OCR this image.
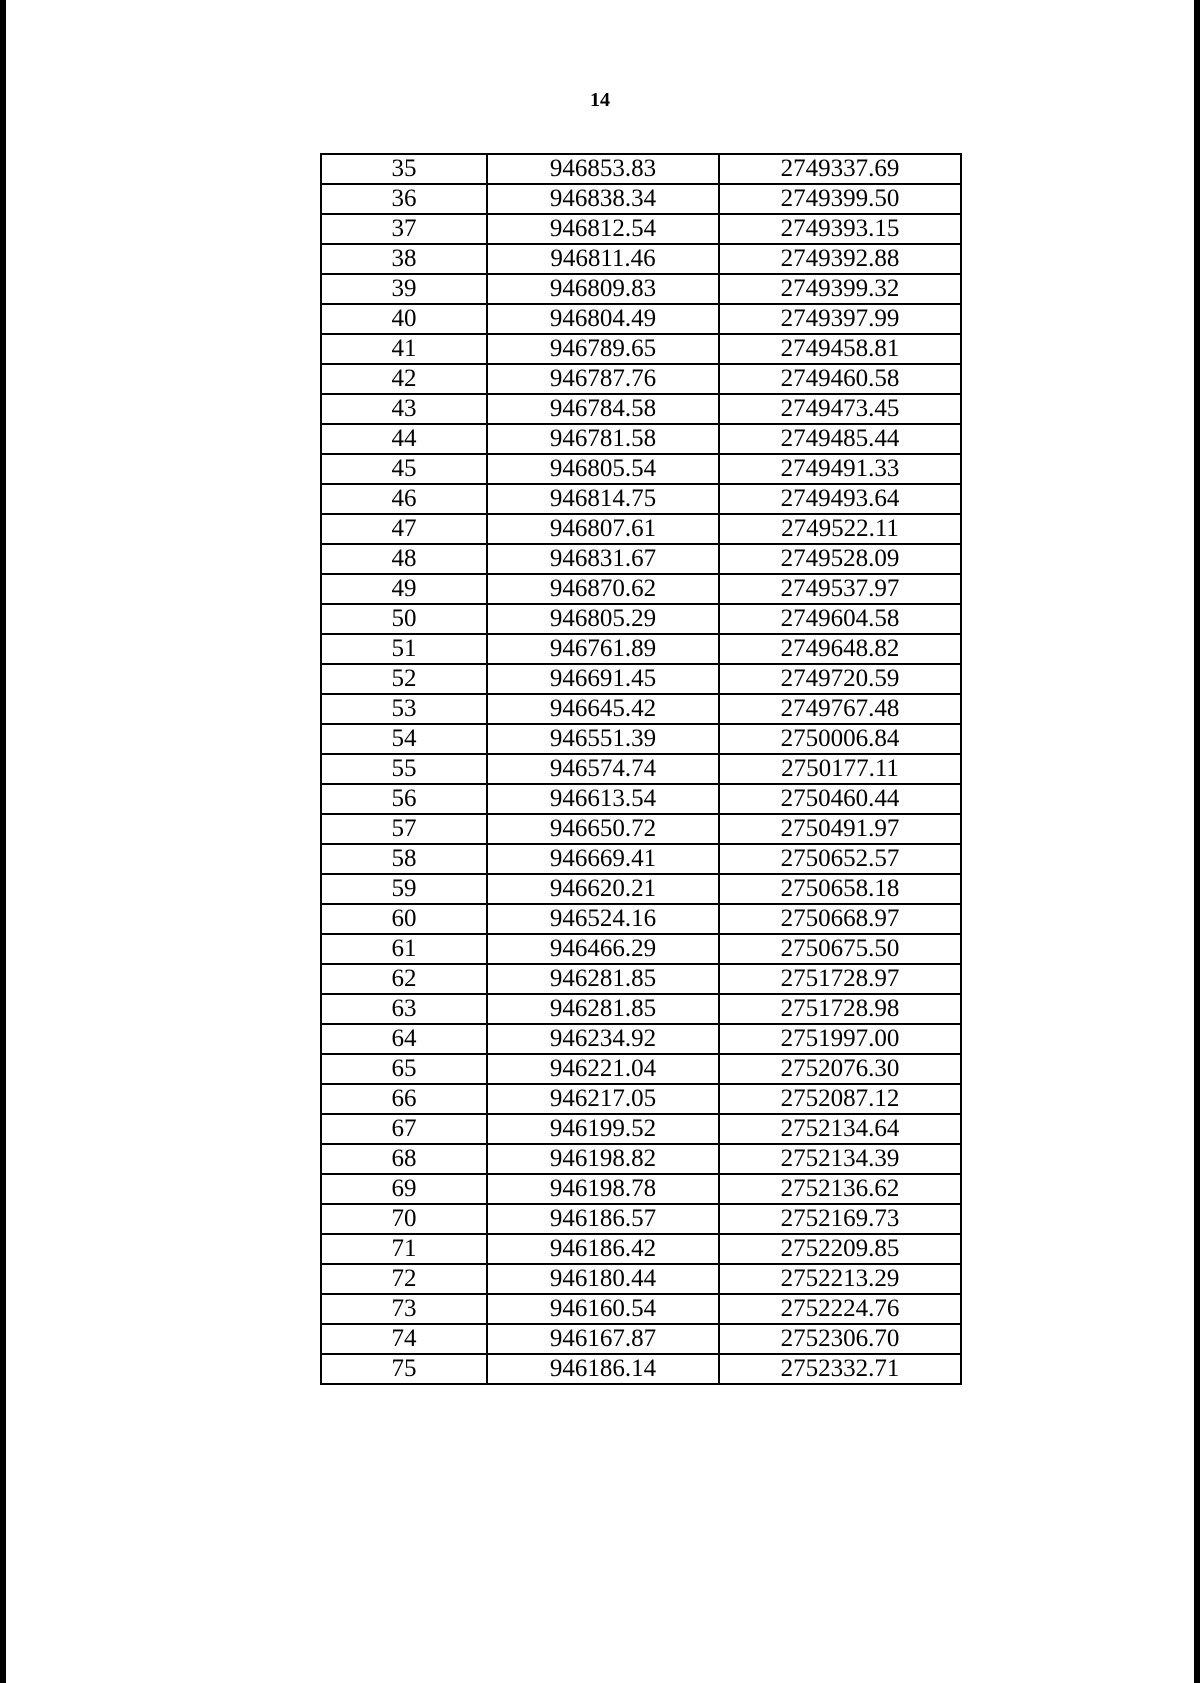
14
35	946853.83	2749337.69
36	946838.34	2749399.50
37	946812.54	2749393.15
38	946811.46	2749392.88
39	946809.83	2749399.32
40	946804.49	2749397.99
41	946789.65	2749458.81
42	946787.76	2749460.58
43	946784.58	2749473.45
44	946781.58	2749485.44
45	946805.54	2749491.33
46	946814.75	2749493.64
47	946807.61	2749522.11
48	946831.67	2749528.09
49	946870.62	2749537.97
50	946805.29	2749604.58
51	946761.89	2749648.82
52	946691.45	2749720.59
53	946645.42	2749767.48
54	946551.39	2750006.84
55	946574.74	2750177.11
56	946613.54	2750460.44
57	946650.72	2750491.97
58	946669.41	2750652.57
59	946620.21	2750658.18
60	946524.16	2750668.97
61	946466.29	2750675.50
62	946281.85	2751728.97
63	946281.85	2751728.98
64	946234.92	2751997.00
65	946221.04	2752076.30
66	946217.05	2752087.12
67	946199.52	2752134.64
68	946198.82	2752134.39
69	946198.78	2752136.62
70	946186.57	2752169.73
71	946186.42	2752209.85
72	946180.44	2752213.29
73	946160.54	2752224.76
74	946167.87	2752306.70
75	946186.14	2752332.71
